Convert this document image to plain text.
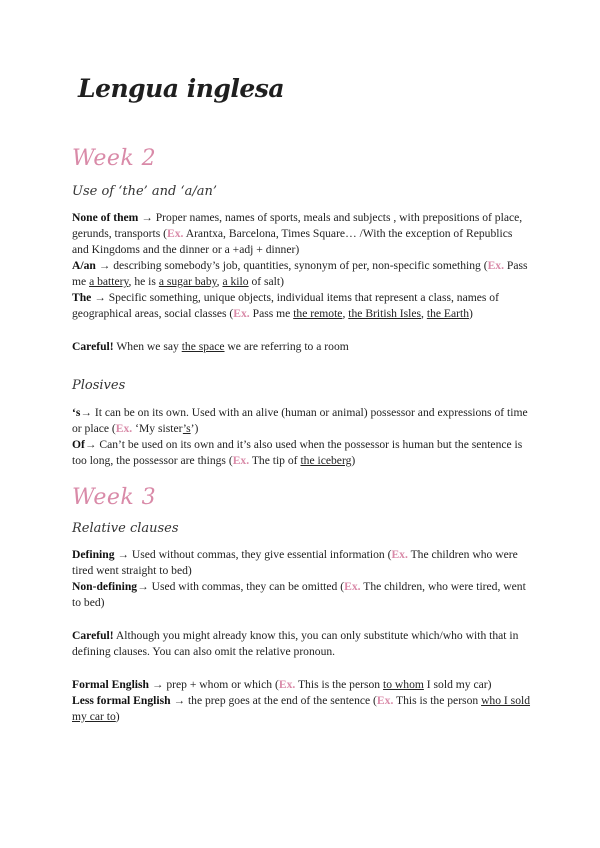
Lengua inglesa
Week 2
Use of ‘the’ and ‘a/an’

None of them → Proper names, names of sports, meals and subjects , with prepositions of place, gerunds, transports (Ex. Arantxa, Barcelona, Times Square… /With the exception of Republics and Kingdoms and the dinner or a +adj + dinner)

A/an → describing somebody’s job, quantities, synonym of per, non-specific something (Ex. Pass me a battery, he is a sugar baby, a kilo of salt)

The → Specific something, unique objects, individual items that represent a class, names of geographical areas, social classes (Ex. Pass me the remote, the British Isles, the Earth)

Careful! When we say the space we are referring to a room

Plosives

‘s→ It can be on its own. Used with an alive (human or animal) possessor and expressions of time or place (Ex. ‘My sister’s’)

Of→ Can’t be used on its own and it’s also used when the possessor is human but the sentence is too long, the possessor are things (Ex. The tip of the iceberg)

Week 3
Relative clauses

Defining → Used without commas, they give essential information (Ex. The children who were tired went straight to bed)

Non-defining→ Used with commas, they can be omitted (Ex. The children, who were tired, went to bed)

Careful! Although you might already know this, you can only substitute which/who with that in defining clauses. You can also omit the relative pronoun.

Formal English → prep + whom or which (Ex. This is the person to whom I sold my car)

Less formal English → the prep goes at the end of the sentence (Ex. This is the person who I sold my car to)
